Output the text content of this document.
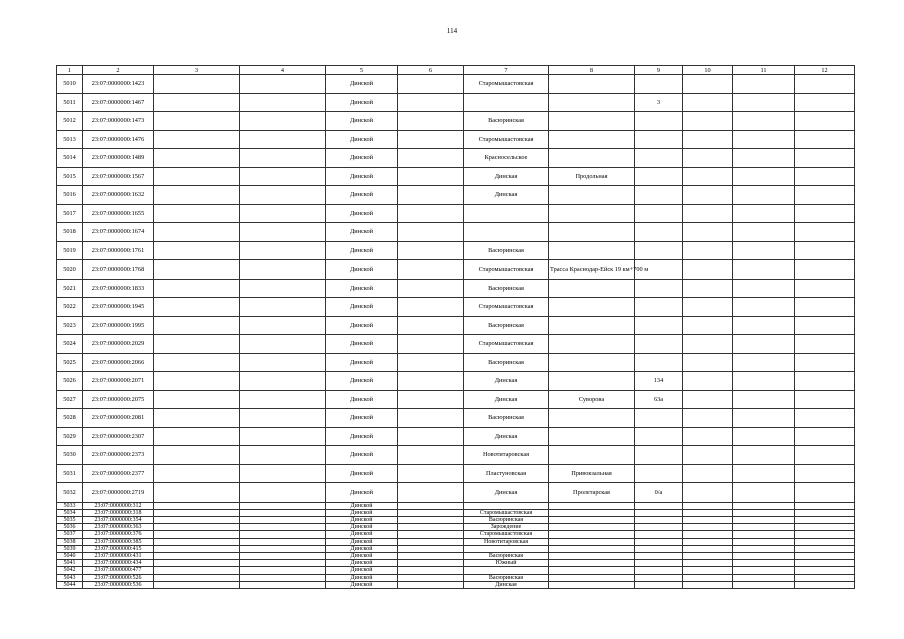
114
1	2	3	4	5	6	7	8	9	10	11	12
5010	23:07:0000000:1423			Динской		Старомышастовская					
5011	23:07:0000000:1467			Динской				3			
5012	23:07:0000000:1473			Динской		Васюринская					
5013	23:07:0000000:1476			Динской		Старомышастовская					
5014	23:07:0000000:1489			Динской		Красносельское					
5015	23:07:0000000:1567			Динской		Динская	Продольная				
5016	23:07:0000000:1632			Динской		Динская					
5017	23:07:0000000:1655			Динской							
5018	23:07:0000000:1674			Динской							
5019	23:07:0000000:1761			Динской		Васюринская					
5020	23:07:0000000:1768			Динской		Старомышастовская	Трасса Краснодар-Ейск 19 км+700 м				
5021	23:07:0000000:1833			Динской		Васюринская					
5022	23:07:0000000:1945			Динской		Старомышастовская					
5023	23:07:0000000:1995			Динской		Васюринская					
5024	23:07:0000000:2029			Динской		Старомышастовская					
5025	23:07:0000000:2066			Динской		Васюринская					
5026	23:07:0000000:2071			Динской		Динская		134			
5027	23:07:0000000:2075			Динской		Динская	Суворова	63а			
5028	23:07:0000000:2081			Динской		Васюринская					
5029	23:07:0000000:2307			Динской		Динская					
5030	23:07:0000000:2373			Динской		Новотитаровская					
5031	23:07:0000000:2377			Динской		Пластуновская	Привокзальная				
5032	23:07:0000000:2719			Динской		Динская	Пролетарская	0/а			
5033	23:07:0000000:312			Динской							
5034	23:07:0000000:318			Динской		Старомышастовская					
5035	23:07:0000000:354			Динской		Васюринская					
5036	23:07:0000000:363			Динской		Зарождение					
5037	23:07:0000000:376			Динской		Старомышастовская					
5038	23:07:0000000:385			Динской		Новотитаровская					
5039	23:07:0000000:415			Динской							
5040	23:07:0000000:431			Динской		Васюринская					
5041	23:07:0000000:434			Динской		Южный					
5042	23:07:0000000:477			Динской							
5043	23:07:0000000:526			Динской		Васюринская					
5044	23:07:0000000:536			Динской		Динская					
